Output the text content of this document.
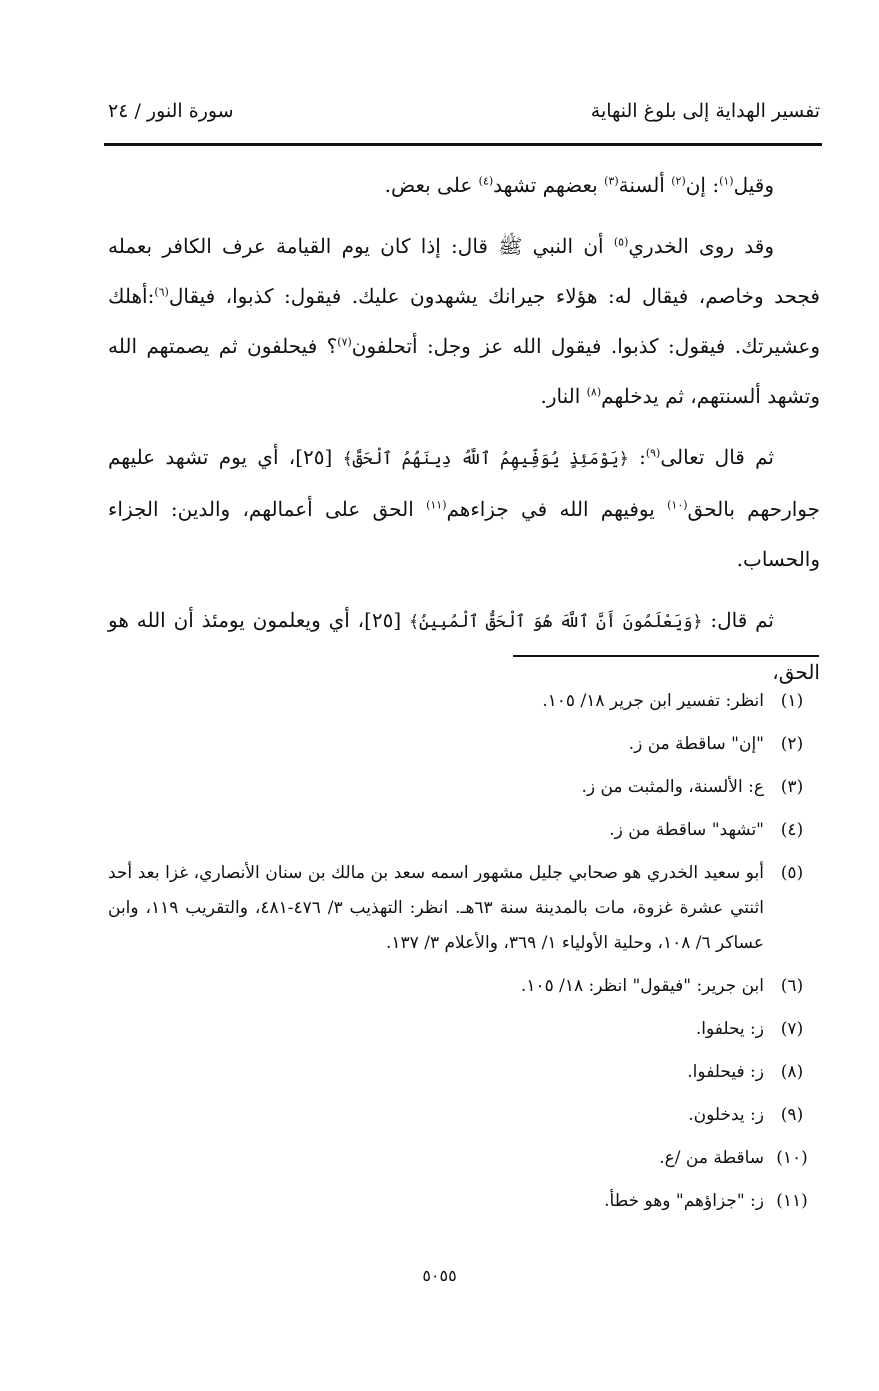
تفسير الهداية إلى بلوغ النهاية
سورة النور / ٢٤

وقيل$^{(١)}$: إن$^{(٢)}$ ألسنة$^{(٣)}$ بعضهم تشهد$^{(٤)}$ على بعض.

وقد روى الخدري$^{(٥)}$ أن النبي ﷺ قال: إذا كان يوم القيامة عرف الكافر بعمله فجحد وخاصم، فيقال له: هؤلاء جيرانك يشهدون عليك. فيقول: كذبوا، فيقال$^{(٦)}$:أهلك وعشيرتك. فيقول: كذبوا. فيقول الله عز وجل: أتحلفون$^{(٧)}$؟ فيحلفون ثم يصمتهم الله وتشهد ألسنتهم، ثم يدخلهم$^{(٨)}$ النار.

ثم قال تعالى$^{(٩)}$: ﴿يَوْمَئِذٍ يُوَفِّيهِمُ ٱللَّهُ دِينَهُمُ ٱلْحَقَّ﴾ [٢٥]، أي يوم تشهد عليهم جوارحهم بالحق$^{(١٠)}$ يوفيهم الله في جزاءهم$^{(١١)}$ الحق على أعمالهم، والدين: الجزاء والحساب.

ثم قال: ﴿وَيَعْلَمُونَ أَنَّ ٱللَّهَ هُوَ ٱلْحَقُّ ٱلْمُبِينُ﴾ [٢٥]، أي ويعلمون يومئذ أن الله هو الحق،

(١)
انظر: تفسير ابن جرير ١٨/ ١٠٥.
(٢)
"إن" ساقطة من ز.
(٣)
ع: الألسنة، والمثبت من ز.
(٤)
"تشهد" ساقطة من ز.
(٥)
أبو سعيد الخدري هو صحابي جليل مشهور اسمه سعد بن مالك بن سنان الأنصاري، غزا بعد أحد اثنتي عشرة غزوة، مات بالمدينة سنة ٦٣هـ. انظر: التهذيب ٣/ ٤٧٦-٤٨١، والتقريب ١١٩، وابن عساكر ٦/ ١٠٨، وحلية الأولياء ١/ ٣٦٩، والأعلام ٣/ ١٣٧.
(٦)
ابن جرير: "فيقول" انظر: ١٨/ ١٠٥.
(٧)
ز: يحلفوا.
(٨)
ز: فيحلفوا.
(٩)
ز: يدخلون.
(١٠)
ساقطة من /ع.
(١١)
ز: "جزاؤهم" وهو خطأ.
٥٠٥٥
